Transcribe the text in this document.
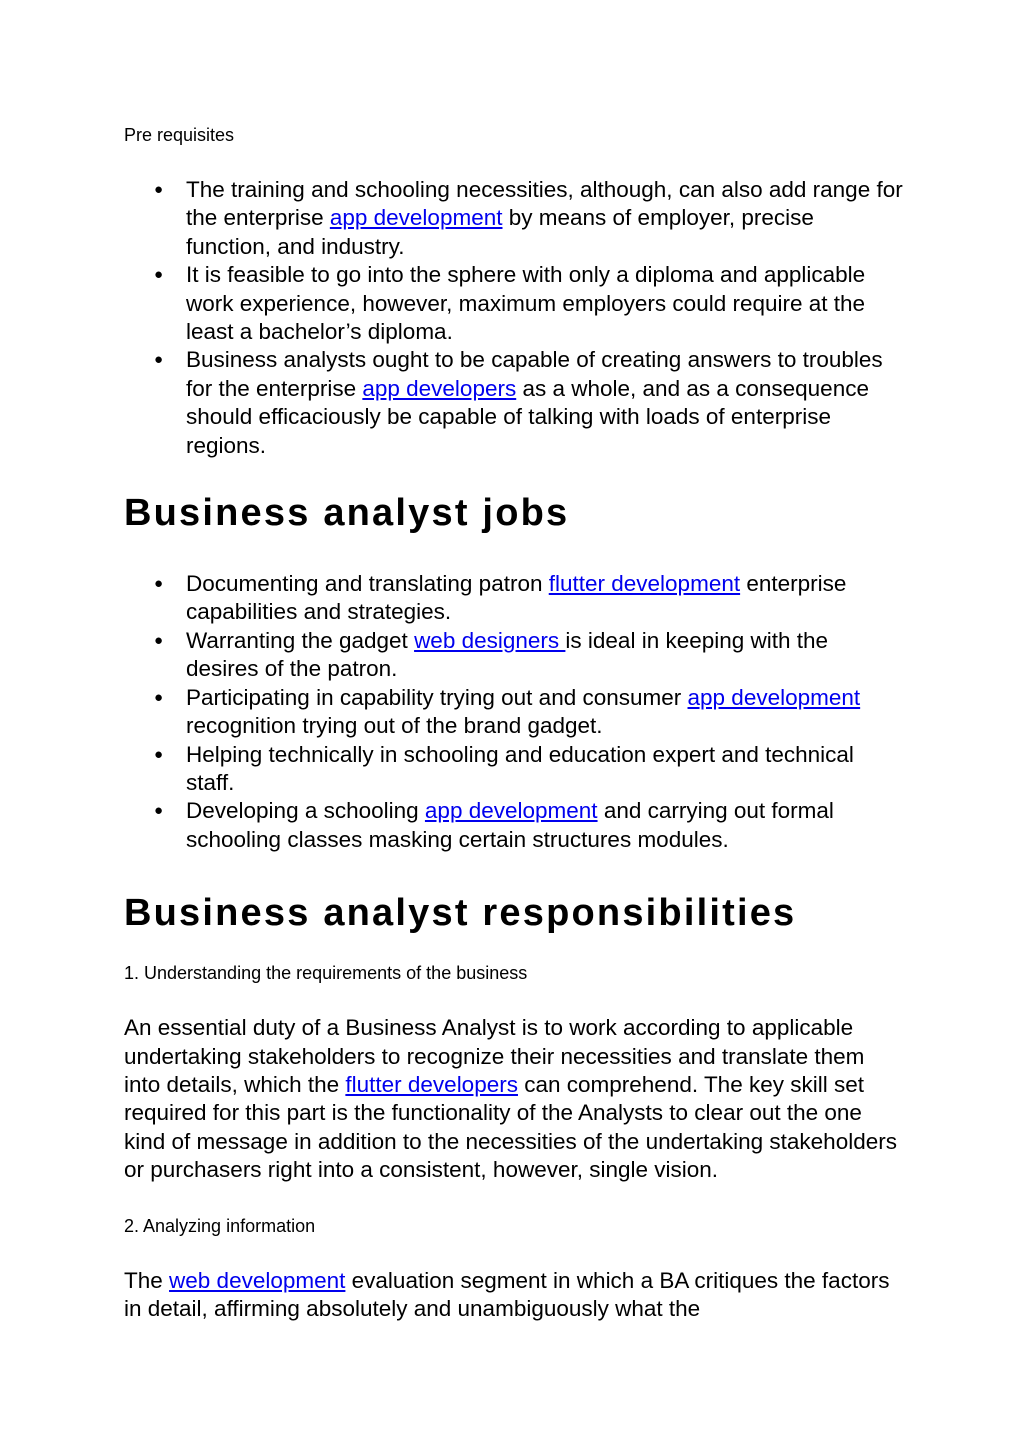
Pre requisites

● The training and schooling necessities, although, can also add range for the enterprise app development by means of employer, precise function, and industry.
● It is feasible to go into the sphere with only a diploma and applicable work experience, however, maximum employers could require at the least a bachelor’s diploma.
● Business analysts ought to be capable of creating answers to troubles for the enterprise app developers as a whole, and as a consequence should efficaciously be capable of talking with loads of enterprise regions.
Business analyst jobs
● Documenting and translating patron flutter development enterprise capabilities and strategies.
● Warranting the gadget web designers is ideal in keeping with the desires of the patron.
● Participating in capability trying out and consumer app development recognition trying out of the brand gadget.
● Helping technically in schooling and education expert and technical staff.
● Developing a schooling app development and carrying out formal schooling classes masking certain structures modules.
Business analyst responsibilities

1. Understanding the requirements of the business

An essential duty of a Business Analyst is to work according to applicable undertaking stakeholders to recognize their necessities and translate them into details, which the flutter developers can comprehend. The key skill set required for this part is the functionality of the Analysts to clear out the one kind of message in addition to the necessities of the undertaking stakeholders or purchasers right into a consistent, however, single vision.

2. Analyzing information

The web development evaluation segment in which a BA critiques the factors in detail, affirming absolutely and unambiguously what the
